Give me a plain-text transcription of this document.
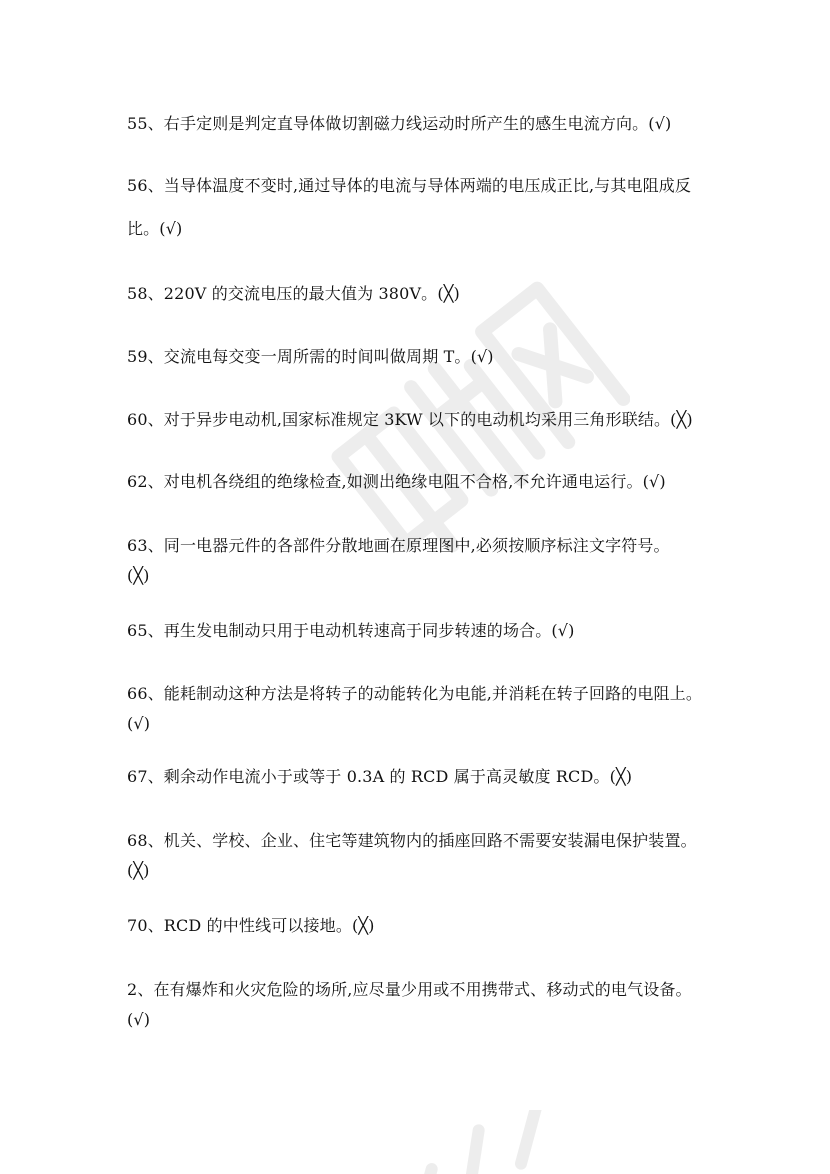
55、右手定则是判定直导体做切割磁力线运动时所产生的感生电流方向。(√)
56、当导体温度不变时,通过导体的电流与导体两端的电压成正比,与其电阻成反
比。(√)
58、220V 的交流电压的最大值为 380V。(╳)
59、交流电每交变一周所需的时间叫做周期 T。(√)
60、对于异步电动机,国家标准规定 3KW 以下的电动机均采用三角形联结。(╳)
62、对电机各绕组的绝缘检查,如测出绝缘电阻不合格,不允许通电运行。(√)
63、同一电器元件的各部件分散地画在原理图中,必须按顺序标注文字符号。
(╳)
65、再生发电制动只用于电动机转速高于同步转速的场合。(√)
66、能耗制动这种方法是将转子的动能转化为电能,并消耗在转子回路的电阻上。
(√)
67、剩余动作电流小于或等于 0.3A 的 RCD 属于高灵敏度 RCD。(╳)
68、机关、学校、企业、住宅等建筑物内的插座回路不需要安装漏电保护装置。
(╳)
70、RCD 的中性线可以接地。(╳)
2、在有爆炸和火灾危险的场所,应尽量少用或不用携带式、移动式的电气设备。
(√)
